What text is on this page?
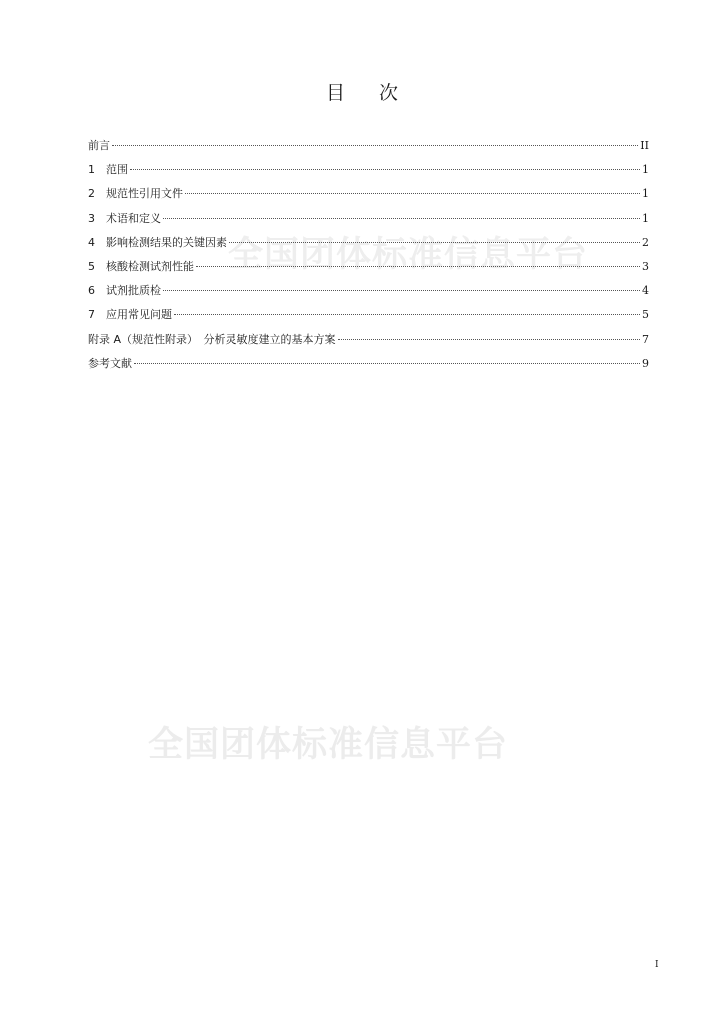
全国团体标准信息平台
全国团体标准信息平台
目 次
前言	II
1	范围	1
2	规范性引用文件	1
3	术语和定义	1
4	影响检测结果的关键因素	2
5	核酸检测试剂性能	3
6	试剂批质检	4
7	应用常见问题	5
附录 A（规范性附录）　分析灵敏度建立的基本方案	7
参考文献	9
I
